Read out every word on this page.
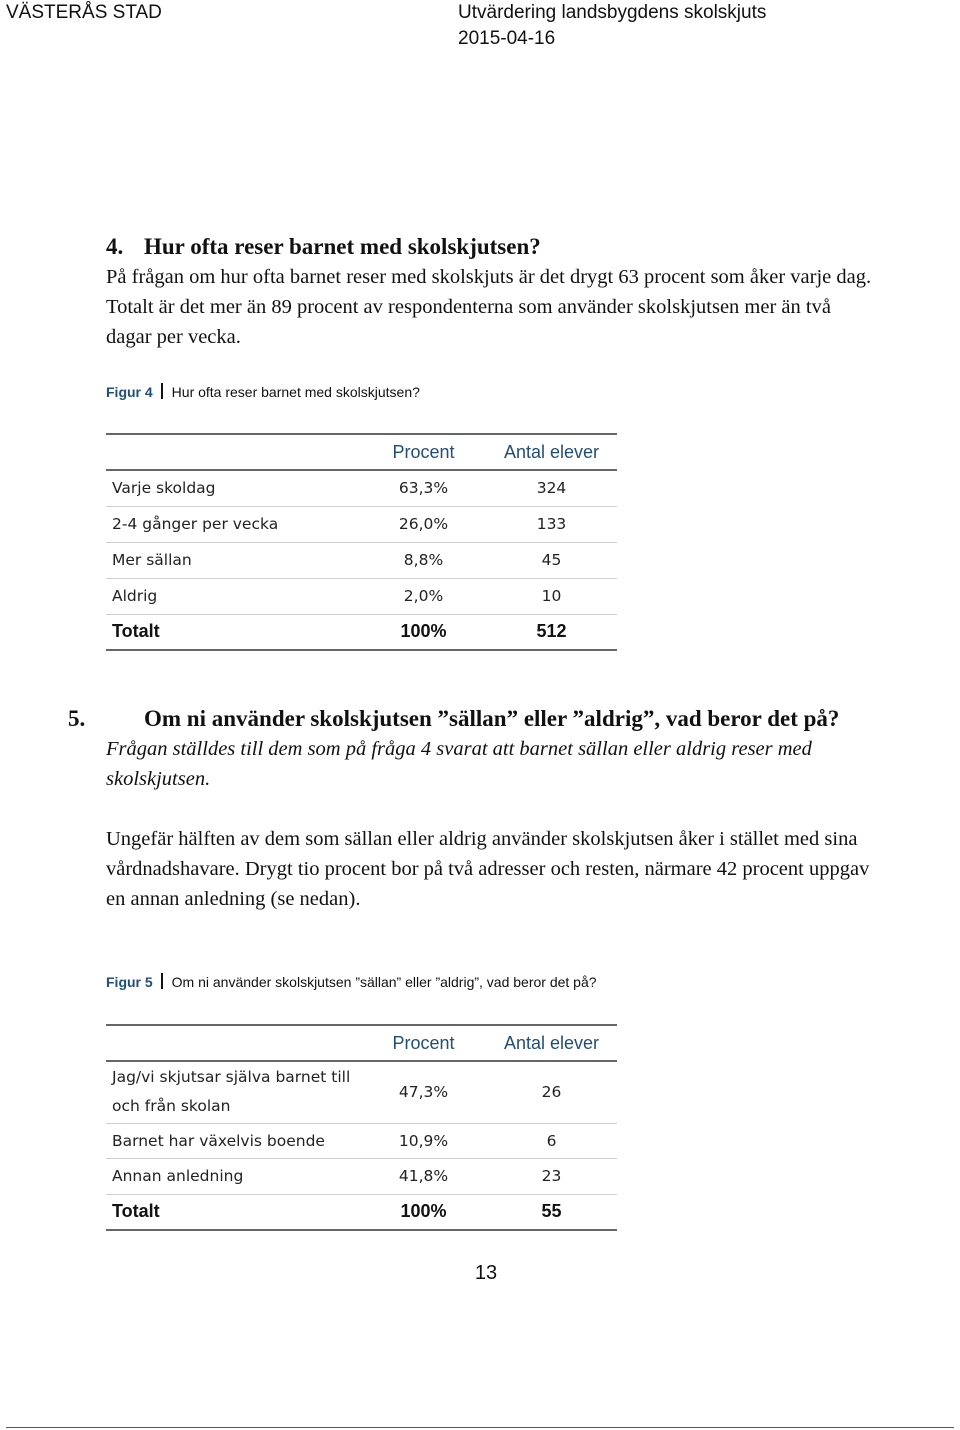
VÄSTERÅS STAD	Utvärdering landsbygdens skolskjuts
2015-04-16
4. Hur ofta reser barnet med skolskjutsen?

På frågan om hur ofta barnet reser med skolskjuts är det drygt 63 procent som åker varje dag. Totalt är det mer än 89 procent av respondenterna som använder skolskjutsen mer än två dagar per vecka.

Figur 4 Hur ofta reser barnet med skolskjutsen?
	Procent	Antal elever
Varje skoldag	63,3%	324
2-4 gånger per vecka	26,0%	133
Mer sällan	8,8%	45
Aldrig	2,0%	10
Totalt	100%	512
5.	Om ni använder skolskjutsen ”sällan” eller ”aldrig”, vad beror det på?

Frågan ställdes till dem som på fråga 4 svarat att barnet sällan eller aldrig reser med skolskjutsen.

Ungefär hälften av dem som sällan eller aldrig använder skolskjutsen åker i stället med sina vårdnadshavare. Drygt tio procent bor på två adresser och resten, närmare 42 procent uppgav en annan anledning (se nedan).

Figur 5 Om ni använder skolskjutsen ”sällan” eller ”aldrig”, vad beror det på?
	Procent	Antal elever
Jag/vi skjutsar själva barnet till och från skolan	47,3%	26
Barnet har växelvis boende	10,9%	6
Annan anledning	41,8%	23
Totalt	100%	55
13
